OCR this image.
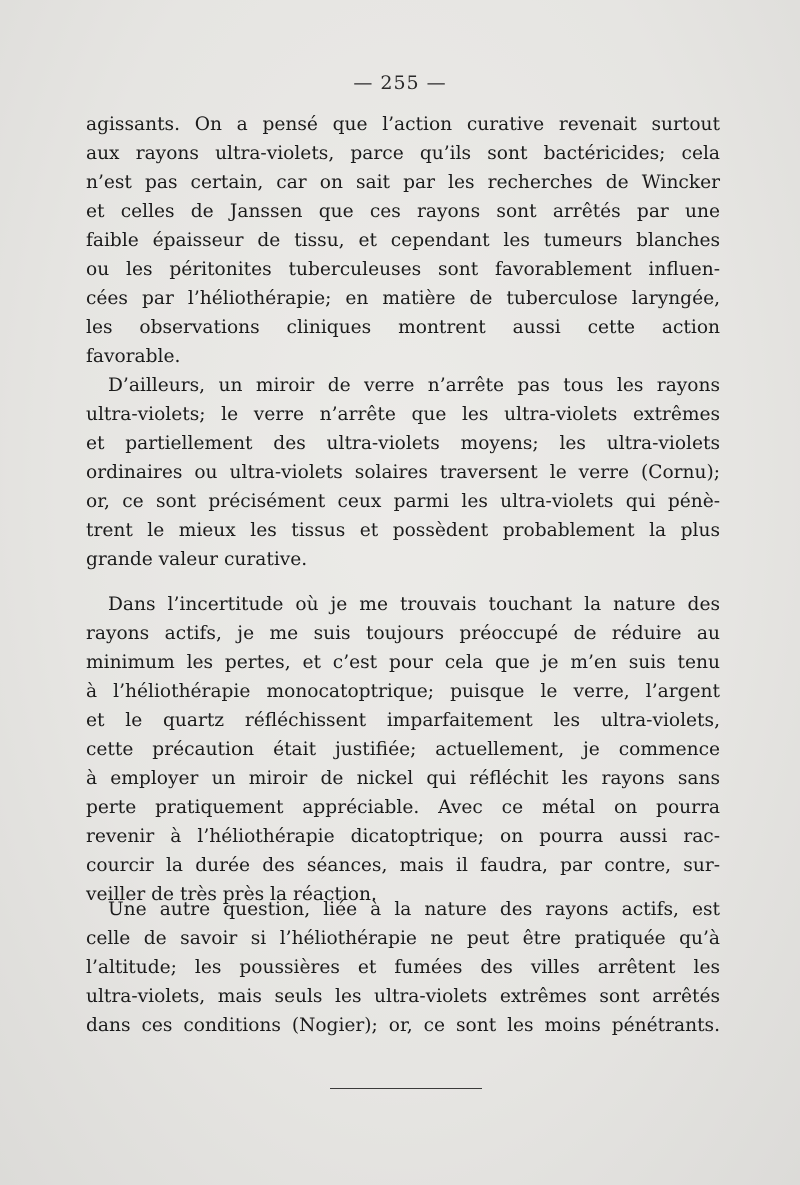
— 255 —
agissants. On a pensé que l’action curative revenait surtout
aux rayons ultra-violets, parce qu’ils sont bactéricides; cela
n’est pas certain, car on sait par les recherches de Wincker
et celles de Janssen que ces rayons sont arrêtés par une
faible épaisseur de tissu, et cependant les tumeurs blanches
ou les péritonites tuberculeuses sont favorablement influen-
cées par l’héliothérapie; en matière de tuberculose laryngée,
les observations cliniques montrent aussi cette action
favorable.
D’ailleurs, un miroir de verre n’arrête pas tous les rayons
ultra-violets; le verre n’arrête que les ultra-violets extrêmes
et partiellement des ultra-violets moyens; les ultra-violets
ordinaires ou ultra-violets solaires traversent le verre (Cornu);
or, ce sont précisément ceux parmi les ultra-violets qui pénè-
trent le mieux les tissus et possèdent probablement la plus
grande valeur curative.
Dans l’incertitude où je me trouvais touchant la nature des
rayons actifs, je me suis toujours préoccupé de réduire au
minimum les pertes, et c’est pour cela que je m’en suis tenu
à l’héliothérapie monocatoptrique; puisque le verre, l’argent
et le quartz réfléchissent imparfaitement les ultra-violets,
cette précaution était justifiée; actuellement, je commence
à employer un miroir de nickel qui réfléchit les rayons sans
perte pratiquement appréciable. Avec ce métal on pourra
revenir à l’héliothérapie dicatoptrique; on pourra aussi rac-
courcir la durée des séances, mais il faudra, par contre, sur-
veiller de très près la réaction.
Une autre question, liée à la nature des rayons actifs, est
celle de savoir si l’héliothérapie ne peut être pratiquée qu’à
l’altitude; les poussières et fumées des villes arrêtent les
ultra-violets, mais seuls les ultra-violets extrêmes sont arrêtés
dans ces conditions (Nogier); or, ce sont les moins pénétrants.
